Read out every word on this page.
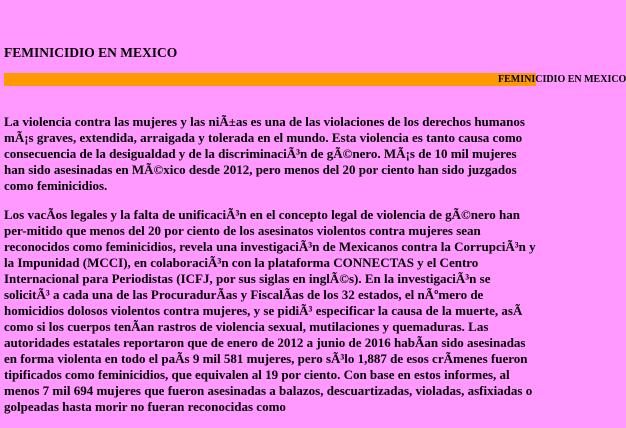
FEMINICIDIO EN MEXICO
FEMINICIDIO EN MEXICO

La violencia contra las mujeres y las niÃ±as es una de las violaciones de los derechos humanos mÃ¡s graves, extendida, arraigada y tolerada en el mundo. Esta violencia es tanto causa como consecuencia de la desigualdad y de la discriminaciÃ³n de gÃ©nero. MÃ¡s de 10 mil mujeres han sido asesinadas en MÃ©xico desde 2012, pero menos del 20 por ciento han sido juzgados como feminicidios.

Los vacÃos legales y la falta de unificaciÃ³n en el concepto legal de violencia de gÃ©nero han per-mitido que menos del 20 por ciento de los asesinatos violentos contra mujeres sean reconocidos como feminicidios, revela una investigaciÃ³n de Mexicanos contra la CorrupciÃ³n y la Impunidad (MCCI), en colaboraciÃ³n con la plataforma CONNECTAS y el Centro Internacional para Periodistas (ICFJ, por sus siglas en inglÃ©s). En la investigaciÃ³n se solicitÃ³ a cada una de las ProcuradurÃas y FiscalÃas de los 32 estados, el nÃºmero de homicidios dolosos violentos contra mujeres, y se pidiÃ³ especificar la causa de la muerte, asÃ como si los cuerpos tenÃan rastros de violencia sexual, mutilaciones y quemaduras. Las autoridades estatales reportaron que de enero de 2012 a junio de 2016 habÃan sido asesinadas en forma violenta en todo el paÃs 9 mil 581 mujeres, pero sÃ³lo 1,887 de esos crÃmenes fueron tipificados como feminicidios, que equivalen al 19 por ciento. Con base en estos informes, al menos 7 mil 694 mujeres que fueron asesinadas a balazos, descuartizadas, violadas, asfixiadas o golpeadas hasta morir no fueran reconocidas como
